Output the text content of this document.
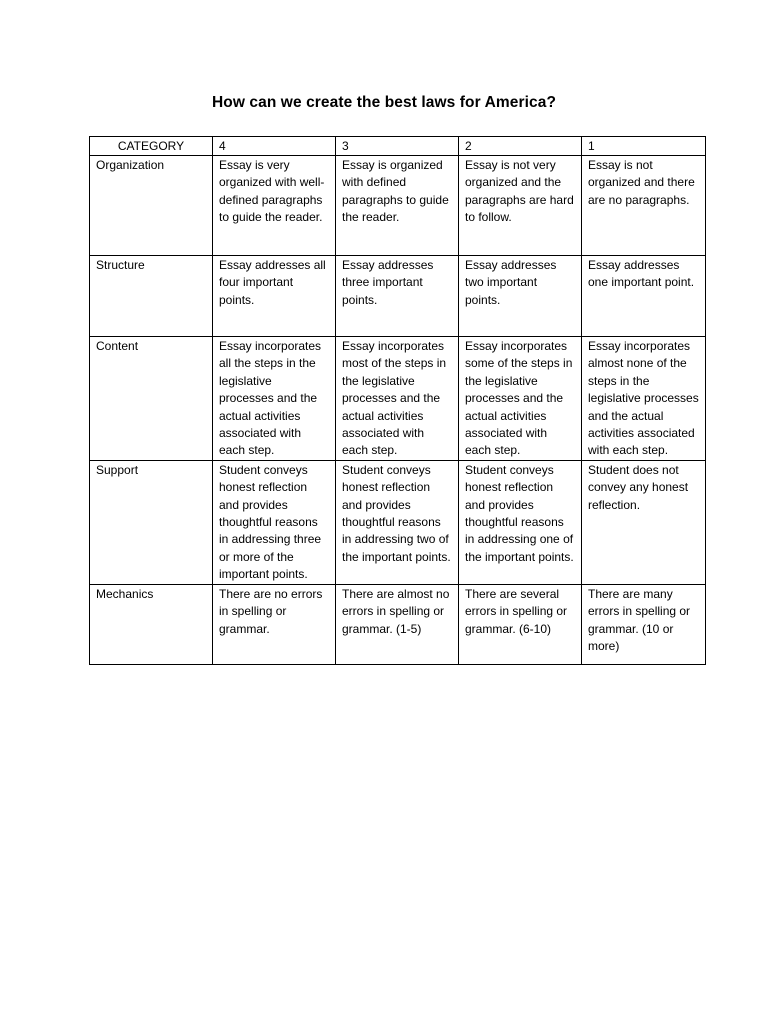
How can we create the best laws for America?
CATEGORY	4	3	2	1
Organization	Essay is very organized with well-defined paragraphs to guide the reader.	Essay is organized with defined paragraphs to guide the reader.	Essay is not very organized and the paragraphs are hard to follow.	Essay is not organized and there are no paragraphs.
Structure	Essay addresses all four important points.	Essay addresses three important points.	Essay addresses two important points.	Essay addresses one important point.
Content	Essay incorporates all the steps in the legislative processes and the actual activities associated with each step.	Essay incorporates most of the steps in the legislative processes and the actual activities associated with each step.	Essay incorporates some of the steps in the legislative processes and the actual activities associated with each step.	Essay incorporates almost none of the steps in the legislative processes and the actual activities associated with each step.
Support	Student conveys honest reflection and provides thoughtful reasons in addressing three or more of the important points.	Student conveys honest reflection and provides thoughtful reasons in addressing two of the important points.	Student conveys honest reflection and provides thoughtful reasons in addressing one of the important points.	Student does not convey any honest reflection.
Mechanics	There are no errors in spelling or grammar.	There are almost no errors in spelling or grammar. (1-5)	There are several errors in spelling or grammar. (6-10)	There are many errors in spelling or grammar. (10 or more)
